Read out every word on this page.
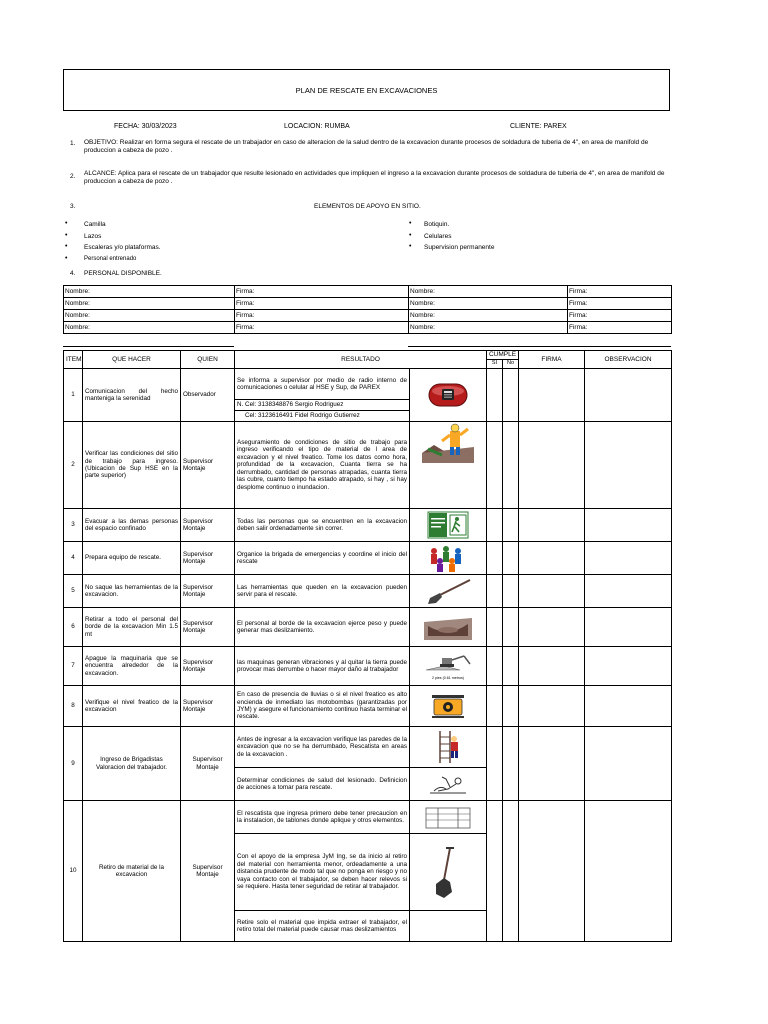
PLAN DE RESCATE EN EXCAVACIONES
FECHA: 30/03/2023	LOCACION: RUMBA	CLIENTE: PAREX
1. OBJETIVO: Realizar en forma segura el rescate de un trabajador en caso de alteracion de la salud dentro de la excavacion durante procesos de soldadura de tuberia de 4", en area de manifold de produccion a cabeza de pozo .
2. ALCANCE: Aplica para el rescate de un trabajador que resulte lesionado en actividades que impliquen el ingreso a la excavacion durante procesos de soldadura de tuberia de 4", en area de manifold de produccion a cabeza de pozo .
3.	ELEMENTOS DE APOYO EN SITIO.
•	Camilla
•	Lazos
•	Escaleras y/o plataformas.
•	Personal entrenado
• Botiquin.
• Celulares
• Supervision permanente
4. PERSONAL DISPONIBLE.
Nombre:	Firma:	Nombre:	Firma:
Nombre:	Firma:	Nombre:	Firma:
Nombre:	Firma:	Nombre:	Firma:
Nombre:	Firma:	Nombre:	Firma:
ITEM	QUE HACER	QUIEN	RESULTADO		CUMPLE		FIRMA	OBSERVACION
					SI	No		
1	Comunicacion del hecho manteniga la serenidad	Observador	Se informa a supervisor por medio de radio interno de comunicaciones o celular al HSE y Sup, de PAREX	

			N. Cel: 3138348876 Sergio Rodriguez					
			Cel: 3123616491 Fidel Rodrigo Gutierrez					
2	Verificar las condiciones del sitio de trabajo para ingreso. (Ubicacion de Sup HSE en la parte superior)	Supervisor Montaje	Aseguramiento de condiciones de sitio de trabajo para ingreso verificando el tipo de material de l area de excavacion y el nivel freatico. Tome los datos como hora, profundidad de la excavacion, Cuanta tierra se ha derrumbado, cantidad de personas atrapadas, cuanta tierra las cubre, cuanto tiempo ha estado atrapado, si hay , si hay desplome continuo o inundacion.	

3	Evacuar a las demas personas del espacio confinado	Supervisor Montaje	Todas las personas que se encuentren en la excavacion deben salir ordenadamente sin correr.	

4	Prepara equipo de rescate.	Supervisor Montaje	Organice la brigada de emergencias y coordine el inicio del rescate	

5	No saque las herramientas de la excavacion.	Supervisor Montaje	Las herramientas que queden en la excavacion pueden servir para el rescate.	

6	Retirar a todo el personal del borde de la excavacion Min 1.5 mt	Supervisor Montaje	El personal al borde de la excavacion ejerce peso y puede generar mas deslizamiento.	

7	Apague la maquinaria que se encuentra alrededor de la excavacion.	Supervisor Montaje	las maquinas generan vibraciones y al quitar la tierra puede provocar mas derrumbe o hacer mayor daño al trabajador	2 pies (0.61 metros)				

8	Verifique el nivel freatico de la excavacion	Supervisor Montaje	En caso de presencia de lluvias o si el nivel freatico es alto encienda de inmediato las motobombas (garantizadas por JYM) y asegure el funcionamiento continuo hasta terminar el rescate.	

9	Ingreso de Brigadistas Valoracion del trabajador.	Supervisor Montaje	Antes de ingresar a la excavacion verifique las paredes de la excavacion que no se ha derrumbado, Rescatista en areas de la excavacion .	

			Determinar condiciones de salud del lesionado. Definicion de acciones a tomar para rescate.	

10	Retiro de material de la excavacion	Supervisor Montaje	El rescatista que ingresa primero debe tener precaucion en la instalacion, de tablones donde aplique y otros elementos.	

			Con el apoyo de la empresa JyM Ing, se da inicio al retiro del material con herramienta menor, ordeadamente a una distancia prudente de modo tal que no ponga en riesgo y no vaya contacto con el trabajador, se deben hacer relevos si se requiere. Hasta tener seguridad de retirar al trabajador.	

			Retire solo el material que impida extraer el trabajador, el retiro total del material puede causar mas deslizamientos					
